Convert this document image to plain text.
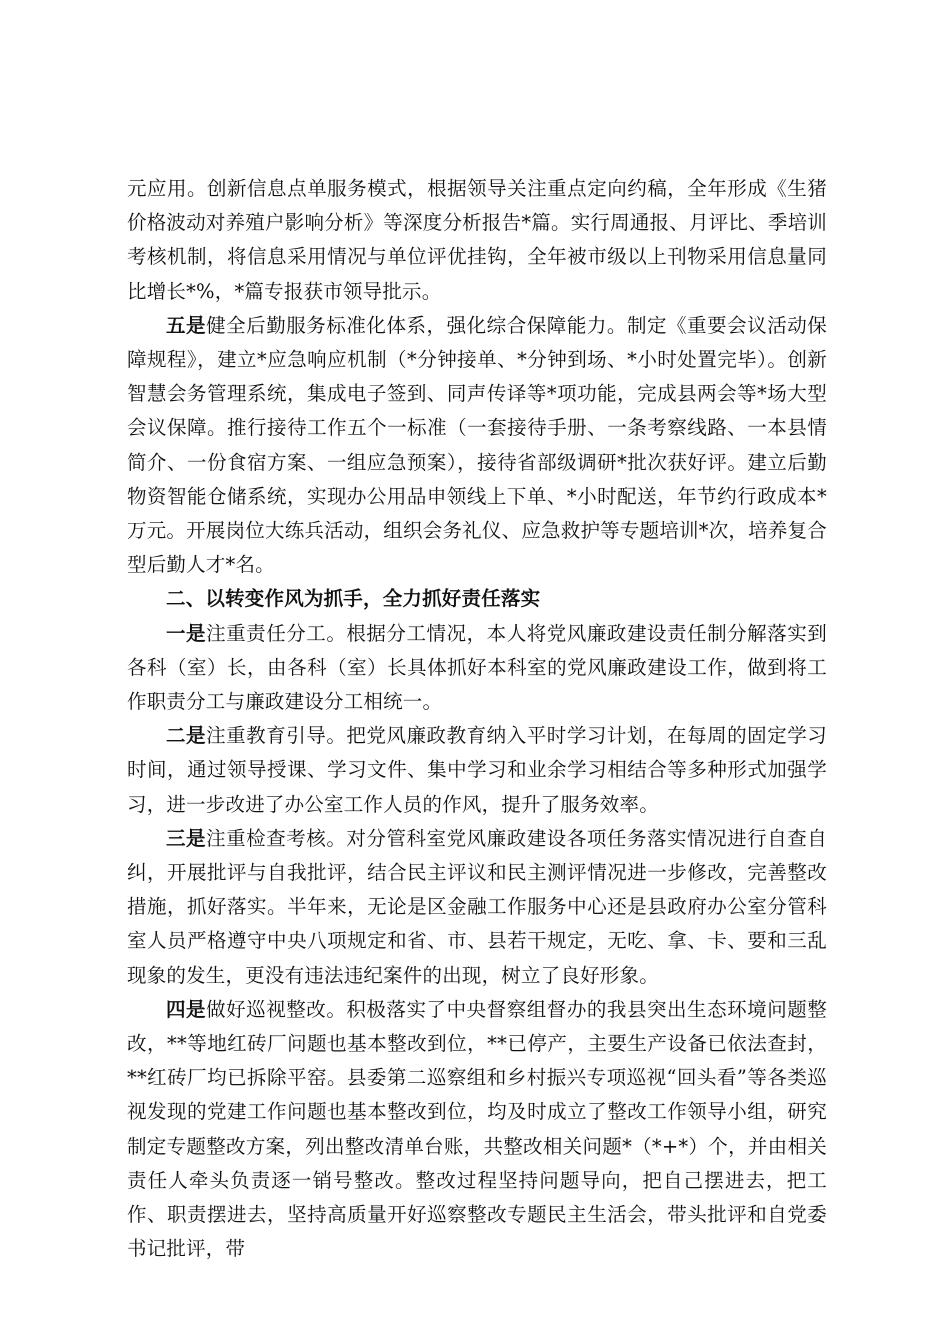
元应用。创新信息点单服务模式，根据领导关注重点定向约稿，全年形成《生猪价格波动对养殖户影响分析》等深度分析报告*篇。实行周通报、月评比、季培训考核机制，将信息采用情况与单位评优挂钩，全年被市级以上刊物采用信息量同比增长*%，*篇专报获市领导批示。

五是健全后勤服务标准化体系，强化综合保障能力。制定《重要会议活动保障规程》，建立*应急响应机制（*分钟接单、*分钟到场、*小时处置完毕）。创新智慧会务管理系统，集成电子签到、同声传译等*项功能，完成县两会等*场大型会议保障。推行接待工作五个一标准（一套接待手册、一条考察线路、一本县情简介、一份食宿方案、一组应急预案），接待省部级调研*批次获好评。建立后勤物资智能仓储系统，实现办公用品申领线上下单、*小时配送，年节约行政成本*万元。开展岗位大练兵活动，组织会务礼仪、应急救护等专题培训*次，培养复合型后勤人才*名。

二、以转变作风为抓手，全力抓好责任落实

一是注重责任分工。根据分工情况，本人将党风廉政建设责任制分解落实到各科（室）长，由各科（室）长具体抓好本科室的党风廉政建设工作，做到将工作职责分工与廉政建设分工相统一。

二是注重教育引导。把党风廉政教育纳入平时学习计划，在每周的固定学习时间，通过领导授课、学习文件、集中学习和业余学习相结合等多种形式加强学习，进一步改进了办公室工作人员的作风，提升了服务效率。

三是注重检查考核。对分管科室党风廉政建设各项任务落实情况进行自查自纠，开展批评与自我批评，结合民主评议和民主测评情况进一步修改，完善整改措施，抓好落实。半年来，无论是区金融工作服务中心还是县政府办公室分管科室人员严格遵守中央八项规定和省、市、县若干规定，无吃、拿、卡、要和三乱现象的发生，更没有违法违纪案件的出现，树立了良好形象。

四是做好巡视整改。积极落实了中央督察组督办的我县突出生态环境问题整改，**等地红砖厂问题也基本整改到位，**已停产，主要生产设备已依法查封，**红砖厂均已拆除平窑。县委第二巡察组和乡村振兴专项巡视“回头看”等各类巡视发现的党建工作问题也基本整改到位，均及时成立了整改工作领导小组，研究制定专题整改方案，列出整改清单台账，共整改相关问题*（*+*）个，并由相关责任人牵头负责逐一销号整改。整改过程坚持问题导向，把自己摆进去，把工作、职责摆进去，坚持高质量开好巡察整改专题民主生活会，带头批评和自党委书记批评，带
